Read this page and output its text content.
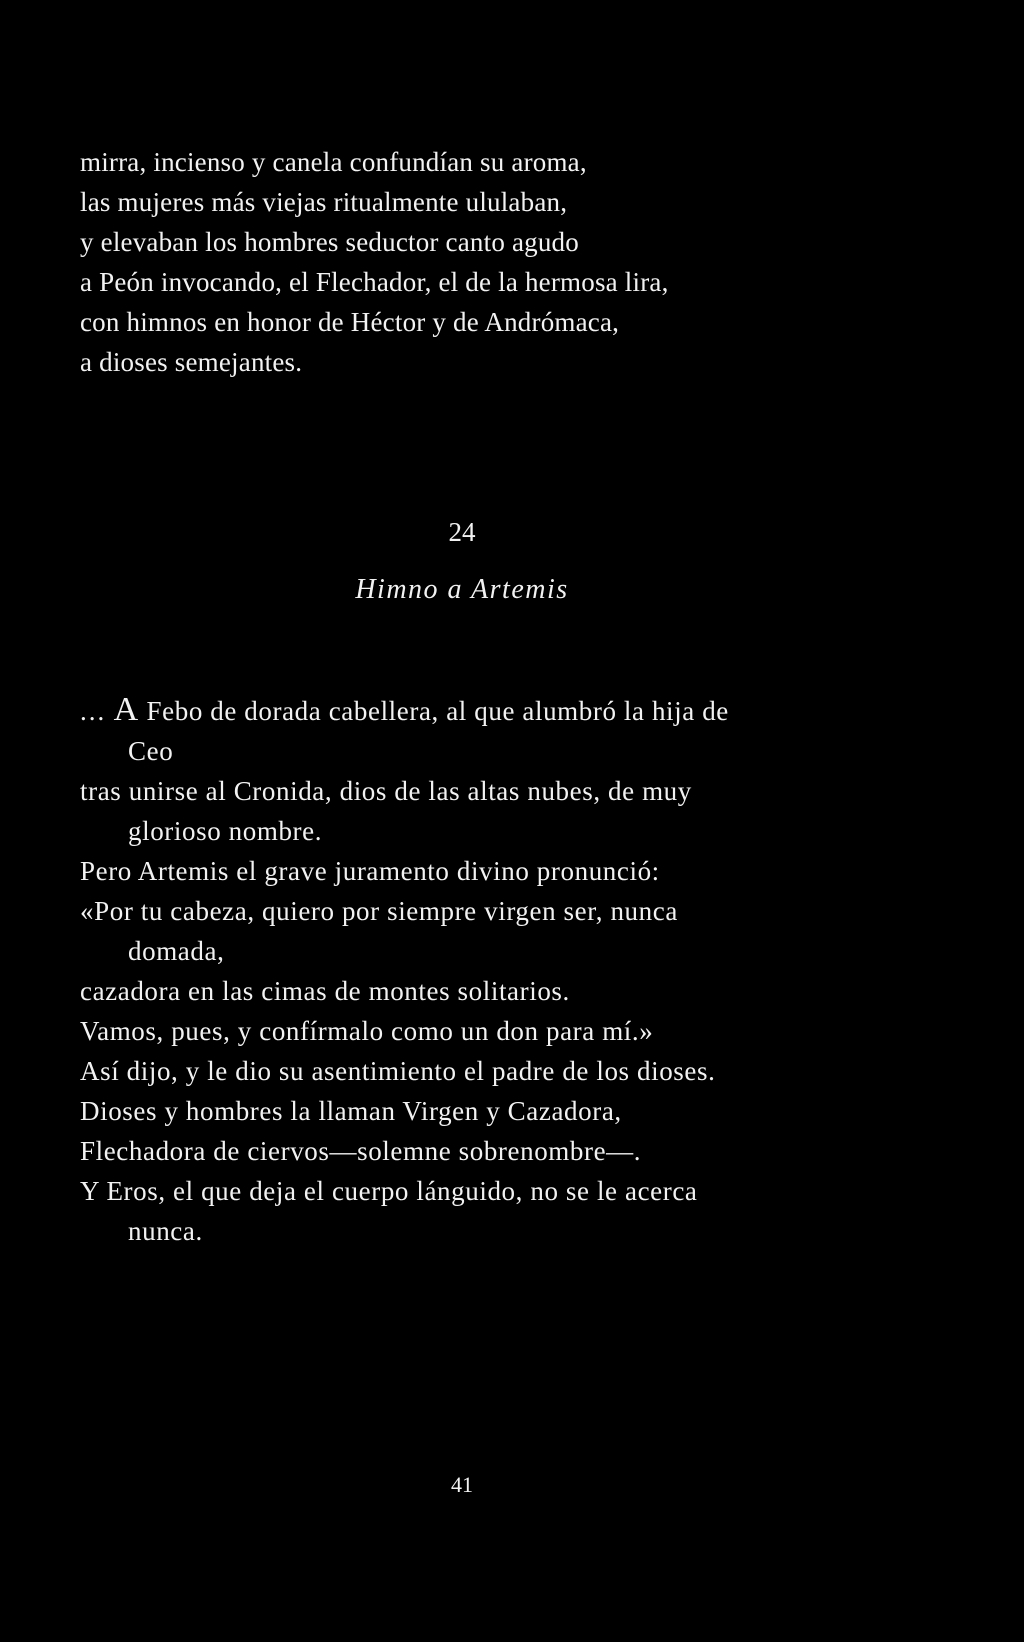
mirra, incienso y canela confundían su aroma,
las mujeres más viejas ritualmente ululaban,
y elevaban los hombres seductor canto agudo
a Peón invocando, el Flechador, el de la hermosa lira,
con himnos en honor de Héctor y de Andrómaca,
a dioses semejantes.
24
Himno a Artemis
... A Febo de dorada cabellera, al que alumbró la hija de
Ceo
tras unirse al Cronida, dios de las altas nubes, de muy
glorioso nombre.
Pero Artemis el grave juramento divino pronunció:
«Por tu cabeza, quiero por siempre virgen ser, nunca
domada,
cazadora en las cimas de montes solitarios.
Vamos, pues, y confírmalo como un don para mí.»
Así dijo, y le dio su asentimiento el padre de los dioses.
Dioses y hombres la llaman Virgen y Cazadora,
Flechadora de ciervos—solemne sobrenombre—.
Y Eros, el que deja el cuerpo lánguido, no se le acerca
nunca.
41
